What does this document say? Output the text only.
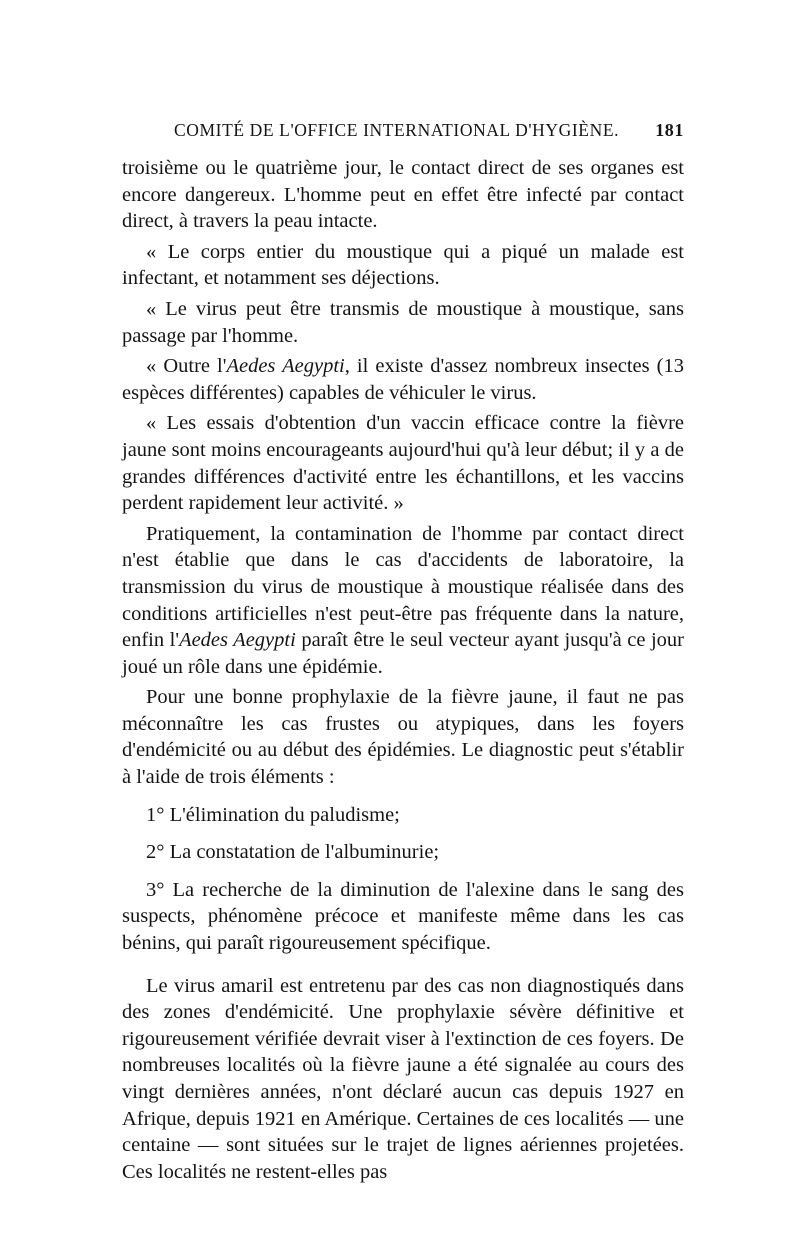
COMITÉ DE L'OFFICE INTERNATIONAL D'HYGIÈNE. 181

troisième ou le quatrième jour, le contact direct de ses organes est encore dangereux. L'homme peut en effet être infecté par contact direct, à travers la peau intacte.

« Le corps entier du moustique qui a piqué un malade est infectant, et notamment ses déjections.

« Le virus peut être transmis de moustique à moustique, sans passage par l'homme.

« Outre l'Aedes Aegypti, il existe d'assez nombreux insectes (13 espèces différentes) capables de véhiculer le virus.

« Les essais d'obtention d'un vaccin efficace contre la fièvre jaune sont moins encourageants aujourd'hui qu'à leur début; il y a de grandes différences d'activité entre les échantillons, et les vaccins perdent rapidement leur activité. »

Pratiquement, la contamination de l'homme par contact direct n'est établie que dans le cas d'accidents de laboratoire, la transmission du virus de moustique à moustique réalisée dans des conditions artificielles n'est peut-être pas fréquente dans la nature, enfin l'Aedes Aegypti paraît être le seul vecteur ayant jusqu'à ce jour joué un rôle dans une épidémie.

Pour une bonne prophylaxie de la fièvre jaune, il faut ne pas méconnaître les cas frustes ou atypiques, dans les foyers d'endémicité ou au début des épidémies. Le diagnostic peut s'établir à l'aide de trois éléments :

1° L'élimination du paludisme;

2° La constatation de l'albuminurie;

3° La recherche de la diminution de l'alexine dans le sang des suspects, phénomène précoce et manifeste même dans les cas bénins, qui paraît rigoureusement spécifique.

Le virus amaril est entretenu par des cas non diagnostiqués dans des zones d'endémicité. Une prophylaxie sévère définitive et rigoureusement vérifiée devrait viser à l'extinction de ces foyers. De nombreuses localités où la fièvre jaune a été signalée au cours des vingt dernières années, n'ont déclaré aucun cas depuis 1927 en Afrique, depuis 1921 en Amérique. Certaines de ces localités — une centaine — sont situées sur le trajet de lignes aériennes projetées. Ces localités ne restent-elles pas
